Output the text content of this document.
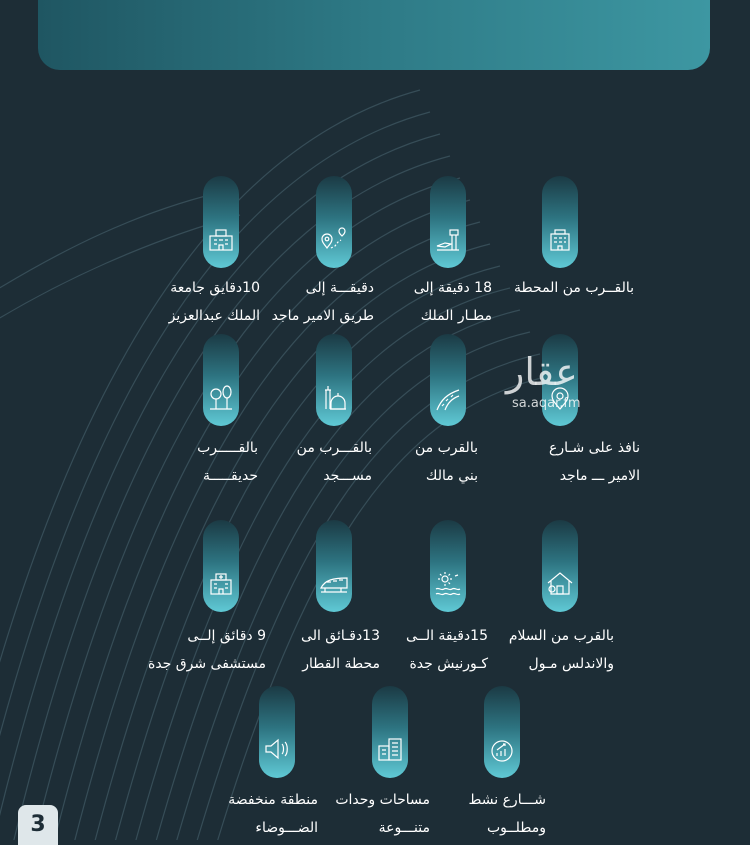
بالقــرب من المحطة
18 دقيقة إلى
مطـار الملك
دقيقـــة إلى
طريق الامير ماجد
10دقايق جامعة
الملك عبدالعزيز
عقار
sa.aqar.fm
نافذ على شـارع
الامير ـــ ماجد
بالقرب من
بني مالك
بالقـــرب من
مســـجد
بالقـــــرب
حديقـــــة
بالقرب من السلام
والاندلس مـول
15دقيقة الــى
كـورنيش جدة
13دقـائق الى
محطة القطار
9 دقائق إلــى
مستشفى شرق جدة
شـــارع نشط
ومطلــوب
مساحات وحدات
متنـــوعة
منطقة منخفضة
الضـــوضاء
3
